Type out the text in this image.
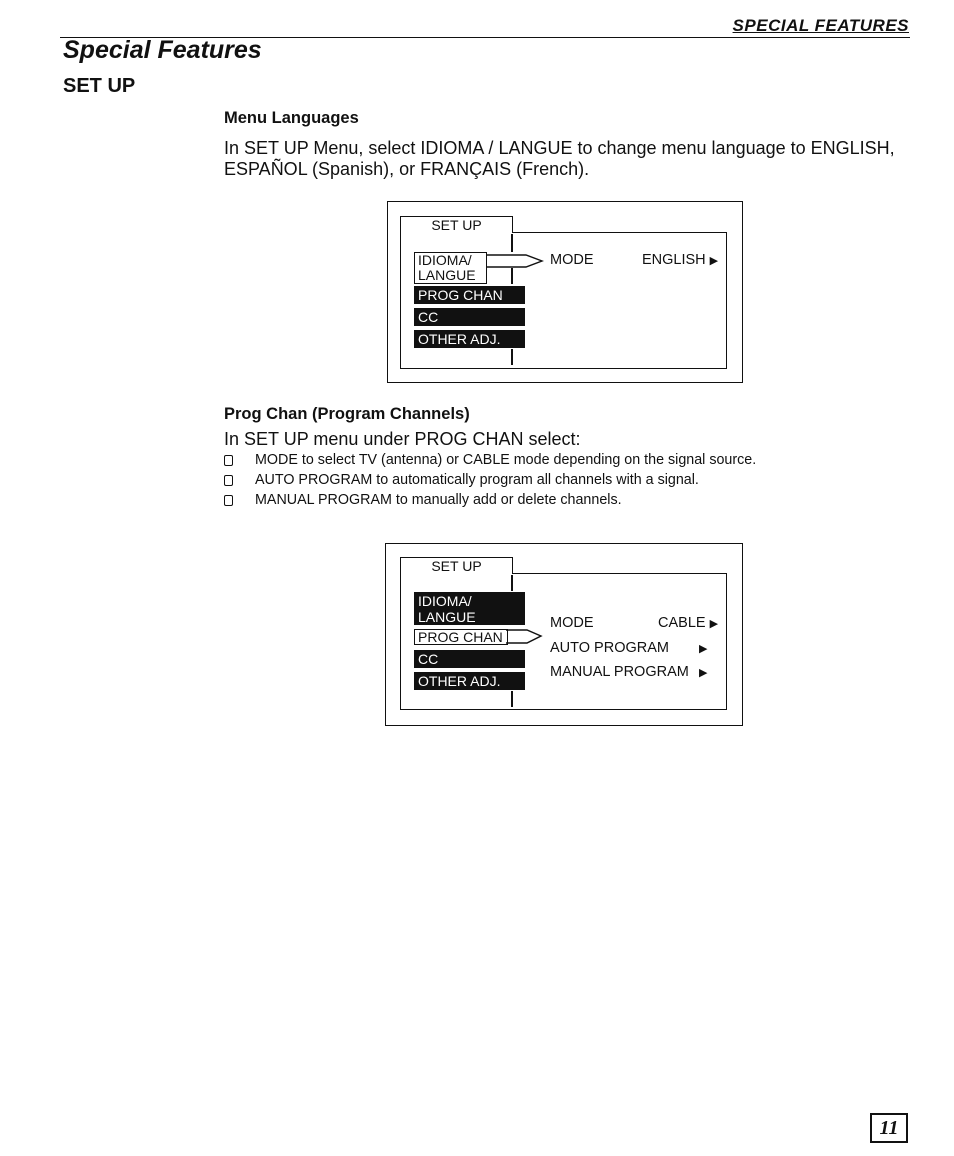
SPECIAL FEATURES
Special Features
SET UP
Menu Languages
In SET UP Menu, select IDIOMA / LANGUE to change menu language to ENGLISH, ESPAÑOL (Spanish), or FRANÇAIS (French).
SET UP
IDIOMA/
LANGUE
PROG CHAN
CC
OTHER ADJ.
MODE	ENGLISH ▶
Prog Chan (Program Channels)
In SET UP menu under PROG CHAN select:
MODE to select TV (antenna) or CABLE mode depending on the signal source.
AUTO PROGRAM to automatically program all channels with a signal.
MANUAL PROGRAM to manually add or delete channels.
SET UP
IDIOMA/
LANGUE
PROG CHAN
CC
OTHER ADJ.
MODE	CABLE ▶
AUTO PROGRAM	▶
MANUAL PROGRAM ▶
11
